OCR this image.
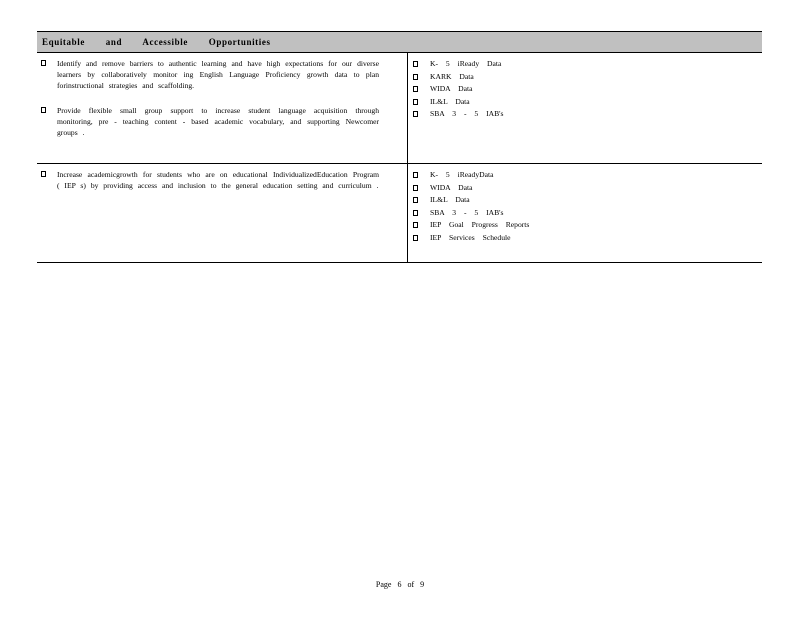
Equitable and Accessible Opportunities
Identify and remove barriers to authentic learning and have high expectations for our diverse learners by collaboratively monitor ing English Language Proficiency growth data to plan forinstructional strategies and scaffolding.
Provide flexible small group support to increase student language acquisition through monitoring, pre - teaching content - based academic vocabulary, and supporting Newcomer groups .
K- 5 iReady Data
KARK Data
WIDA Data
IL&L Data
SBA 3 - 5 IAB's
Increase academicgrowth for students who are on educational IndividualizedEducation Program ( IEP s) by providing access and inclusion to the general education setting and curriculum .
K- 5 iReadyData
WIDA Data
IL&L Data
SBA 3 - 5 IAB's
IEP Goal Progress Reports
IEP Services Schedule
Page 6 of 9
